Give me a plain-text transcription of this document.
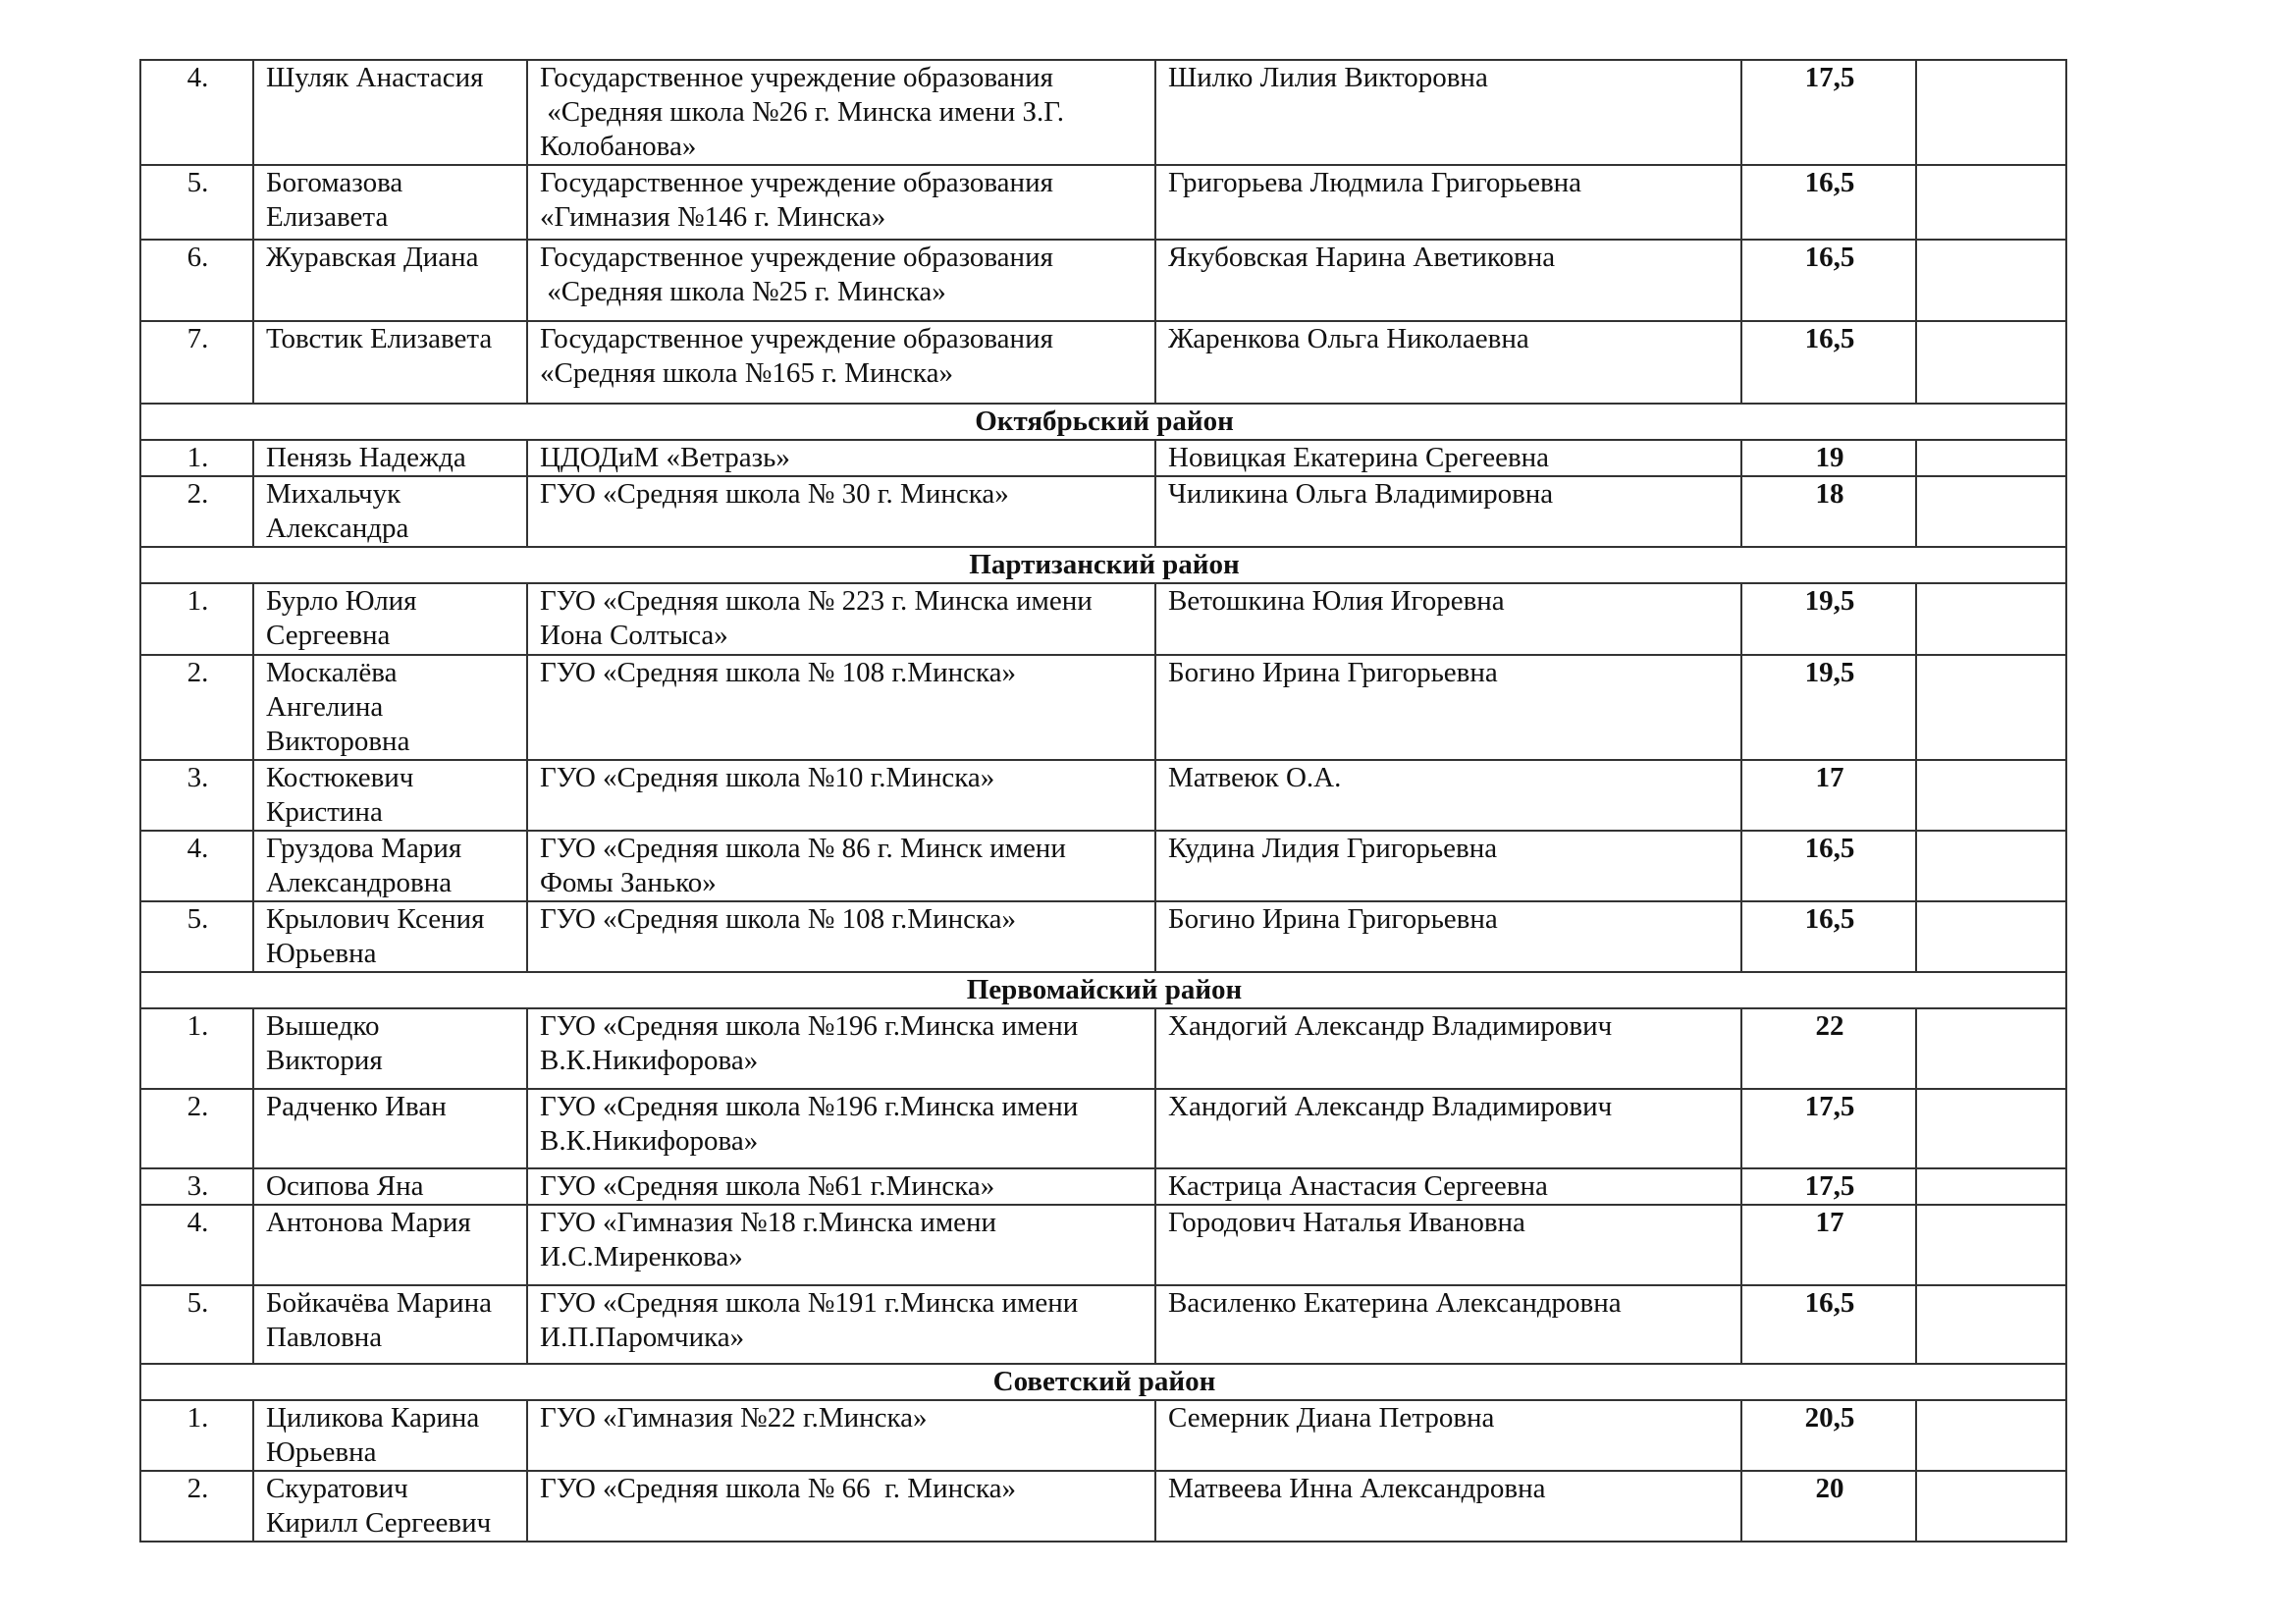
4.	Шуляк Анастасия	Государственное учреждение образования
«Средняя школа №26 г. Минска имени З.Г.
Колобанова»	Шилко Лилия Викторовна	17,5	
5.	Богомазова
Елизавета	Государственное учреждение образования
«Гимназия №146 г. Минска»	Григорьева Людмила Григорьевна	16,5	
6.	Журавская Диана	Государственное учреждение образования
«Средняя школа №25 г. Минска»	Якубовская Нарина Аветиковна	16,5	
7.	Товстик Елизавета	Государственное учреждение образования
«Средняя школа №165 г. Минска»	Жаренкова Ольга Николаевна	16,5	
Октябрьский район					
1.	Пенязь Надежда	ЦДОДиМ «Ветразь»	Новицкая Екатерина Срегеевна	19	
2.	Михальчук
Александра	ГУО «Средняя школа № 30 г. Минска»	Чиликина Ольга Владимировна	18	
Партизанский район					
1.	Бурло Юлия
Сергеевна	ГУО «Средняя школа № 223 г. Минска имени
Иона Солтыса»	Ветошкина Юлия Игоревна	19,5	
2.	Москалёва
Ангелина
Викторовна	ГУО «Средняя школа № 108 г.Минска»	Богино Ирина Григорьевна	19,5	
3.	Костюкевич
Кристина	ГУО «Средняя школа №10 г.Минска»	Матвеюк О.А.	17	
4.	Груздова Мария
Александровна	ГУО «Средняя школа № 86 г. Минск имени
Фомы Занько»	Кудина Лидия Григорьевна	16,5	
5.	Крылович Ксения
Юрьевна	ГУО «Средняя школа № 108 г.Минска»	Богино Ирина Григорьевна	16,5	
Первомайский район					
1.	Вышедко
Виктория	ГУО «Средняя школа №196 г.Минска имени
В.К.Никифорова»	Хандогий Александр Владимирович	22	
2.	Радченко Иван	ГУО «Средняя школа №196 г.Минска имени
В.К.Никифорова»	Хандогий Александр Владимирович	17,5	
3.	Осипова Яна	ГУО «Средняя школа №61 г.Минска»	Кастрица Анастасия Сергеевна	17,5	
4.	Антонова Мария	ГУО «Гимназия №18 г.Минска имени
И.С.Миренкова»	Городович Наталья Ивановна	17	
5.	Бойкачёва Марина
Павловна	ГУО «Средняя школа №191 г.Минска имени
И.П.Паромчика»	Василенко Екатерина Александровна	16,5	
Советский район					
1.	Циликова Карина
Юрьевна	ГУО «Гимназия №22 г.Минска»	Семерник Диана Петровна	20,5	
2.	Скуратович
Кирилл Сергеевич	ГУО «Средняя школа № 66  г. Минска»	Матвеева Инна Александровна	20	
